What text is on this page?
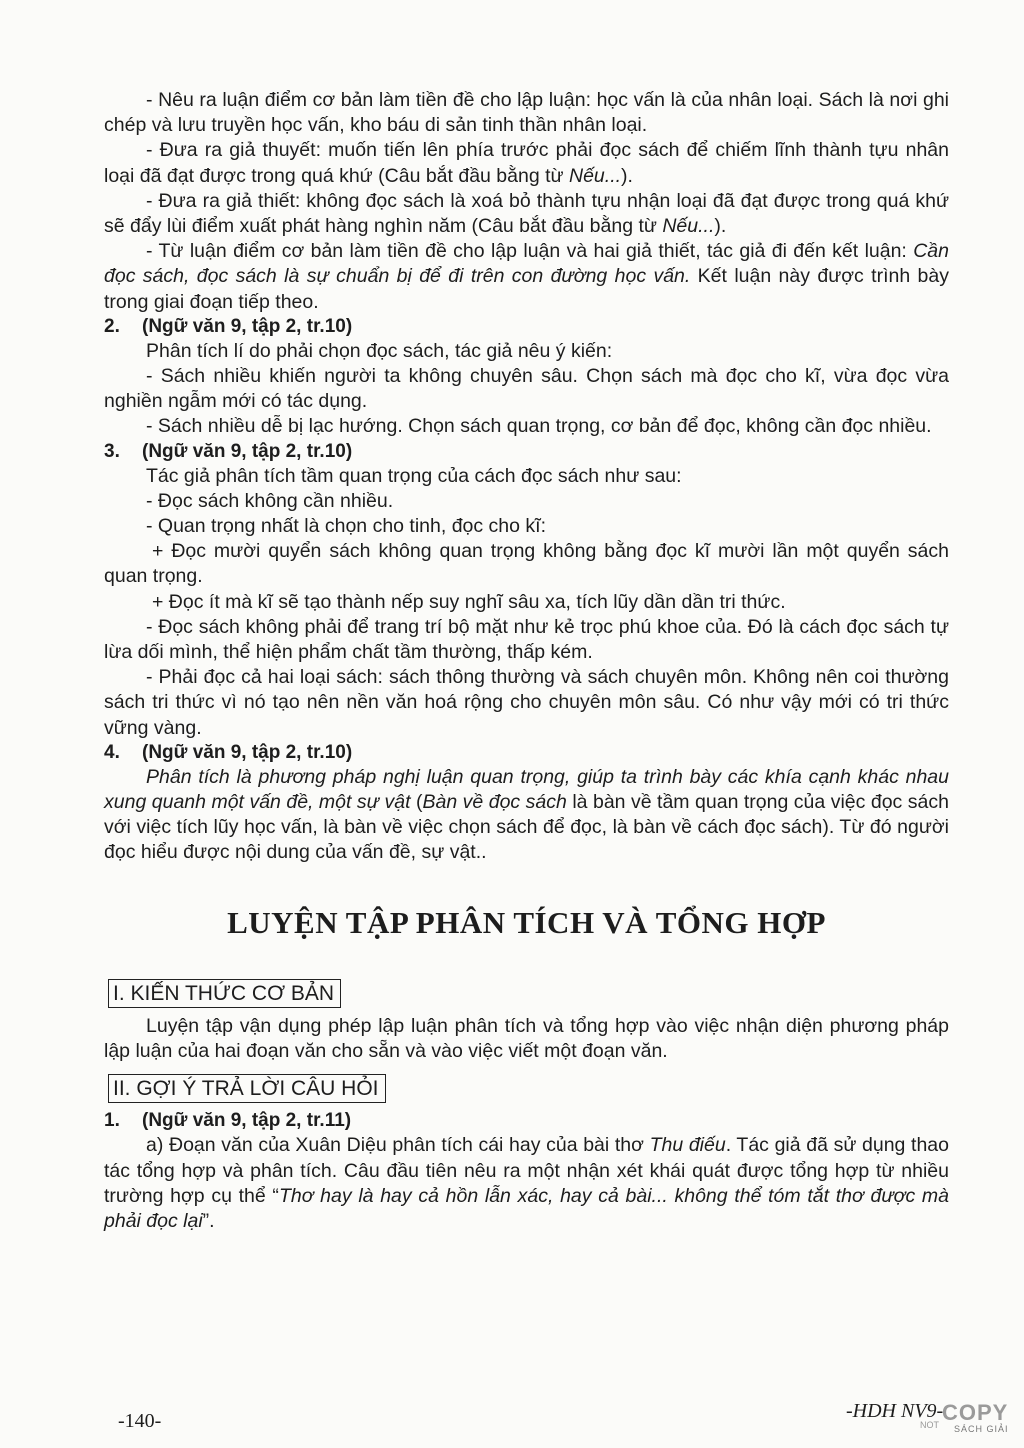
- Nêu ra luận điểm cơ bản làm tiền đề cho lập luận: học vấn là của nhân loại. Sách là nơi ghi chép và lưu truyền học vấn, kho báu di sản tinh thần nhân loại.

- Đưa ra giả thuyết: muốn tiến lên phía trước phải đọc sách để chiếm lĩnh thành tựu nhân loại đã đạt được trong quá khứ (Câu bắt đầu bằng từ Nếu...).

- Đưa ra giả thiết: không đọc sách là xoá bỏ thành tựu nhận loại đã đạt được trong quá khứ sẽ đẩy lùi điểm xuất phát hàng nghìn năm (Câu bắt đầu bằng từ Nếu...).

- Từ luận điểm cơ bản làm tiền đề cho lập luận và hai giả thiết, tác giả đi đến kết luận: Cần đọc sách, đọc sách là sự chuẩn bị để đi trên con đường học vấn. Kết luận này được trình bày trong giai đoạn tiếp theo.

2.	(Ngữ văn 9, tập 2, tr.10)

Phân tích lí do phải chọn đọc sách, tác giả nêu ý kiến:

- Sách nhiều khiến người ta không chuyên sâu. Chọn sách mà đọc cho kĩ, vừa đọc vừa nghiền ngẫm mới có tác dụng.

- Sách nhiều dễ bị lạc hướng. Chọn sách quan trọng, cơ bản để đọc, không cần đọc nhiều.

3.	(Ngữ văn 9, tập 2, tr.10)

Tác giả phân tích tầm quan trọng của cách đọc sách như sau:

- Đọc sách không cần nhiều.

- Quan trọng nhất là chọn cho tinh, đọc cho kĩ:

+ Đọc mười quyển sách không quan trọng không bằng đọc kĩ mười lần một quyển sách quan trọng.

+ Đọc ít mà kĩ sẽ tạo thành nếp suy nghĩ sâu xa, tích lũy dần dần tri thức.

- Đọc sách không phải để trang trí bộ mặt như kẻ trọc phú khoe của. Đó là cách đọc sách tự lừa dối mình, thể hiện phẩm chất tầm thường, thấp kém.

- Phải đọc cả hai loại sách: sách thông thường và sách chuyên môn. Không nên coi thường sách tri thức vì nó tạo nên nền văn hoá rộng cho chuyên môn sâu. Có như vậy mới có tri thức vững vàng.

4.	(Ngữ văn 9, tập 2, tr.10)

Phân tích là phương pháp nghị luận quan trọng, giúp ta trình bày các khía cạnh khác nhau xung quanh một vấn đề, một sự vật (Bàn về đọc sách là bàn về tầm quan trọng của việc đọc sách với việc tích lũy học vấn, là bàn về việc chọn sách để đọc, là bàn về cách đọc sách). Từ đó người đọc hiểu được nội dung của vấn đề, sự vật..

LUYỆN TẬP PHÂN TÍCH VÀ TỔNG HỢP
I. KIẾN THỨC CƠ BẢN

Luyện tập vận dụng phép lập luận phân tích và tổng hợp vào việc nhận diện phương pháp lập luận của hai đoạn văn cho sẵn và vào việc viết một đoạn văn.

II. GỢI Ý TRẢ LỜI CÂU HỎI
1.	(Ngữ văn 9, tập 2, tr.11)

a) Đoạn văn của Xuân Diệu phân tích cái hay của bài thơ Thu điếu. Tác giả đã sử dụng thao tác tổng hợp và phân tích. Câu đầu tiên nêu ra một nhận xét khái quát được tổng hợp từ nhiều trường hợp cụ thể “Thơ hay là hay cả hồn lẫn xác, hay cả bài... không thể tóm tắt thơ được mà phải đọc lại”.

-140-	-HDH NV9-
NOT COPY
SÁCH GIẢI
